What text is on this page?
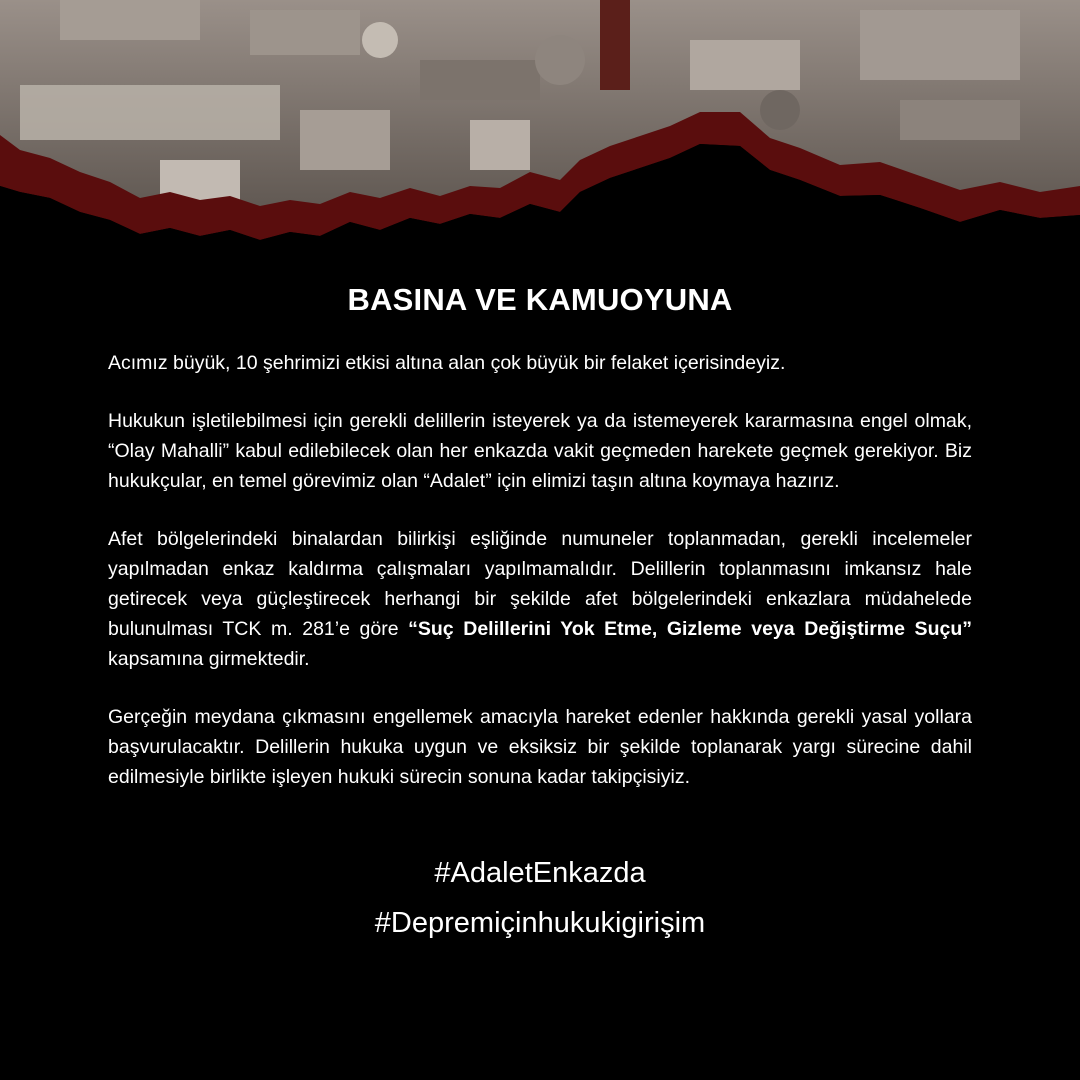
BASINA VE KAMUOYUNA

Acımız büyük, 10 şehrimizi etkisi altına alan çok büyük bir felaket içerisindeyiz.

Hukukun işletilebilmesi için gerekli delillerin isteyerek ya da istemeyerek kararmasına engel olmak, “Olay Mahalli” kabul edilebilecek olan her enkazda vakit geçmeden harekete geçmek gerekiyor. Biz hukukçular, en temel görevimiz olan “Adalet” için elimizi taşın altına koymaya hazırız.

Afet bölgelerindeki binalardan bilirkişi eşliğinde numuneler toplanmadan, gerekli incelemeler yapılmadan enkaz kaldırma çalışmaları yapılmamalıdır. Delillerin toplanmasını imkansız hale getirecek veya güçleştirecek herhangi bir şekilde afet bölgelerindeki enkazlara müdahelede bulunulması TCK m. 281’e göre “Suç Delillerini Yok Etme, Gizleme veya Değiştirme Suçu” kapsamına girmektedir.

Gerçeğin meydana çıkmasını engellemek amacıyla hareket edenler hakkında gerekli yasal yollara başvurulacaktır. Delillerin hukuka uygun ve eksiksiz bir şekilde toplanarak yargı sürecine dahil edilmesiyle birlikte işleyen hukuki sürecin sonuna kadar takipçisiyiz.

#AdaletEnkazda
#Depremiçinhukukigirişim
